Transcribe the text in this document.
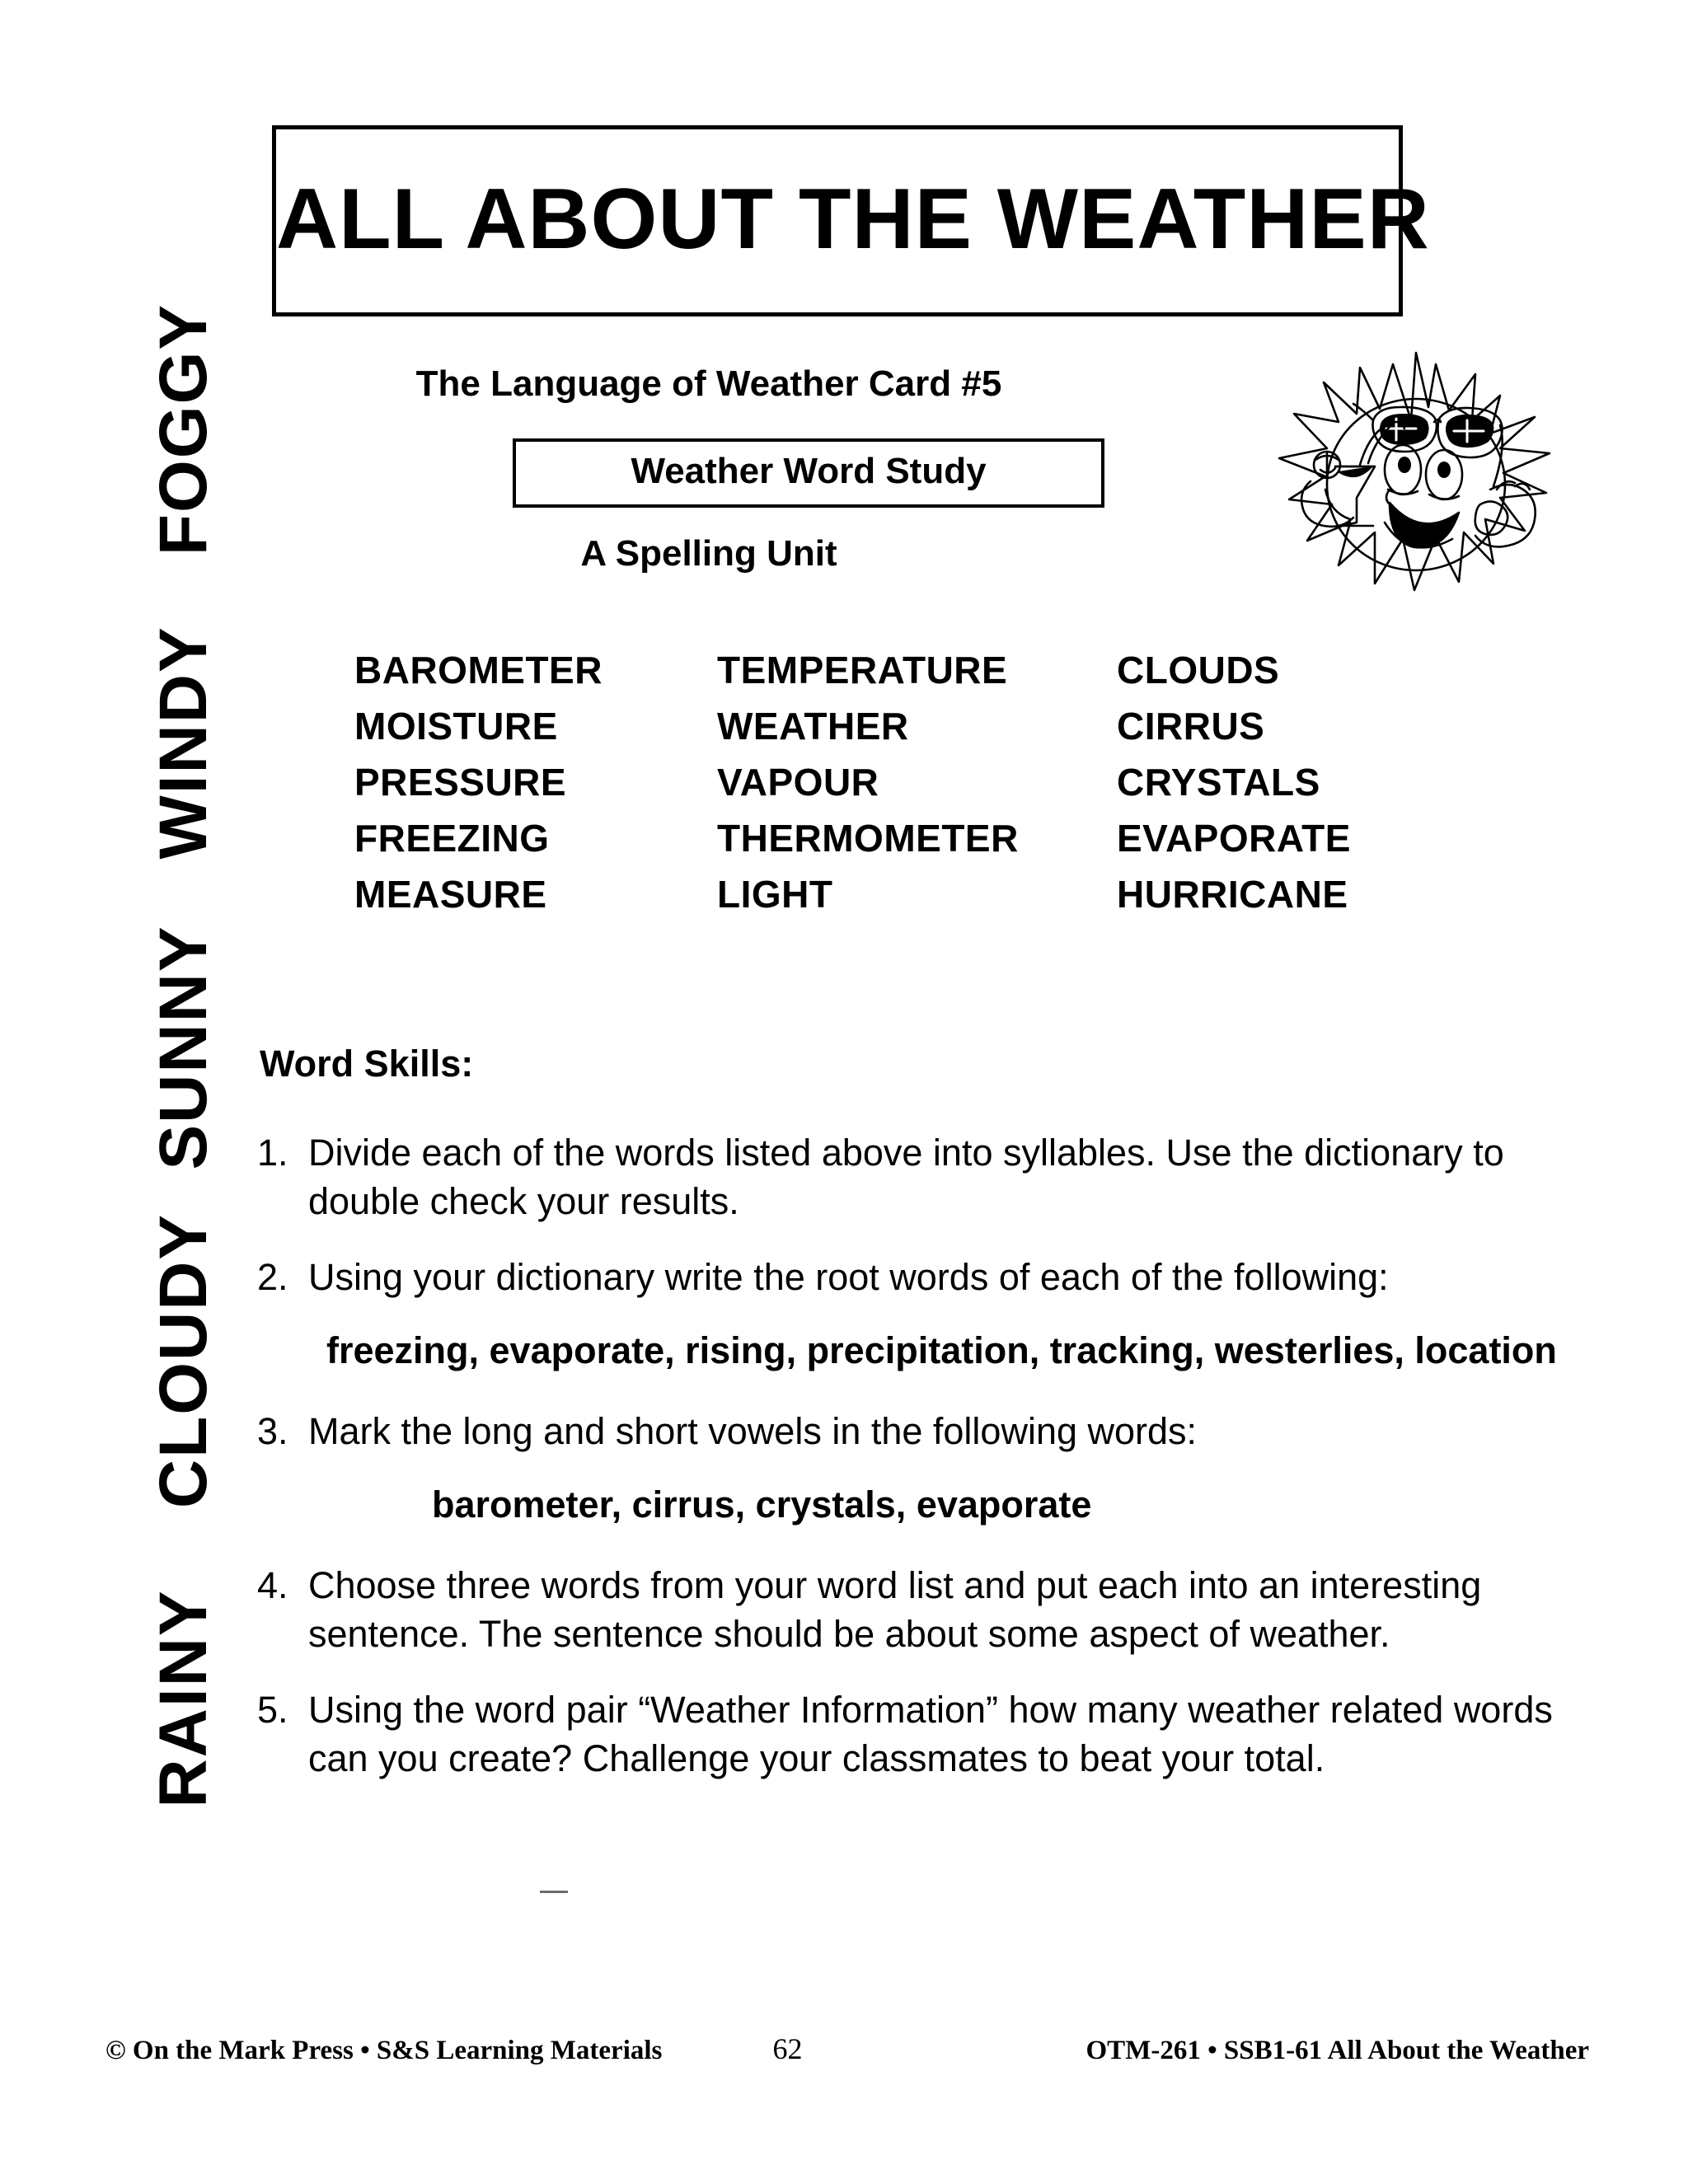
RAINY
CLOUDY
SUNNY
WINDY
FOGGY
ALL ABOUT THE WEATHER
The Language of Weather Card #5
Weather Word Study
A Spelling Unit
BAROMETER	TEMPERATURE	CLOUDS
MOISTURE	WEATHER	CIRRUS
PRESSURE	VAPOUR	CRYSTALS
FREEZING	THERMOMETER	EVAPORATE
MEASURE	LIGHT	HURRICANE
Word Skills:
1. Divide each of the words listed above into syllables. Use the dictionary to double check your results.
2. Using your dictionary write the root words of each of the following:
freezing, evaporate, rising, precipitation, tracking, westerlies, location
3. Mark the long and short vowels in the following words:
barometer, cirrus, crystals, evaporate
4. Choose three words from your word list and put each into an interesting sentence. The sentence should be about some aspect of weather.
5. Using the word pair “Weather Information” how many weather related words can you create? Challenge your classmates to beat your total.
© On the Mark Press • S&S Learning Materials	62	OTM-261 • SSB1-61 All About the Weather
